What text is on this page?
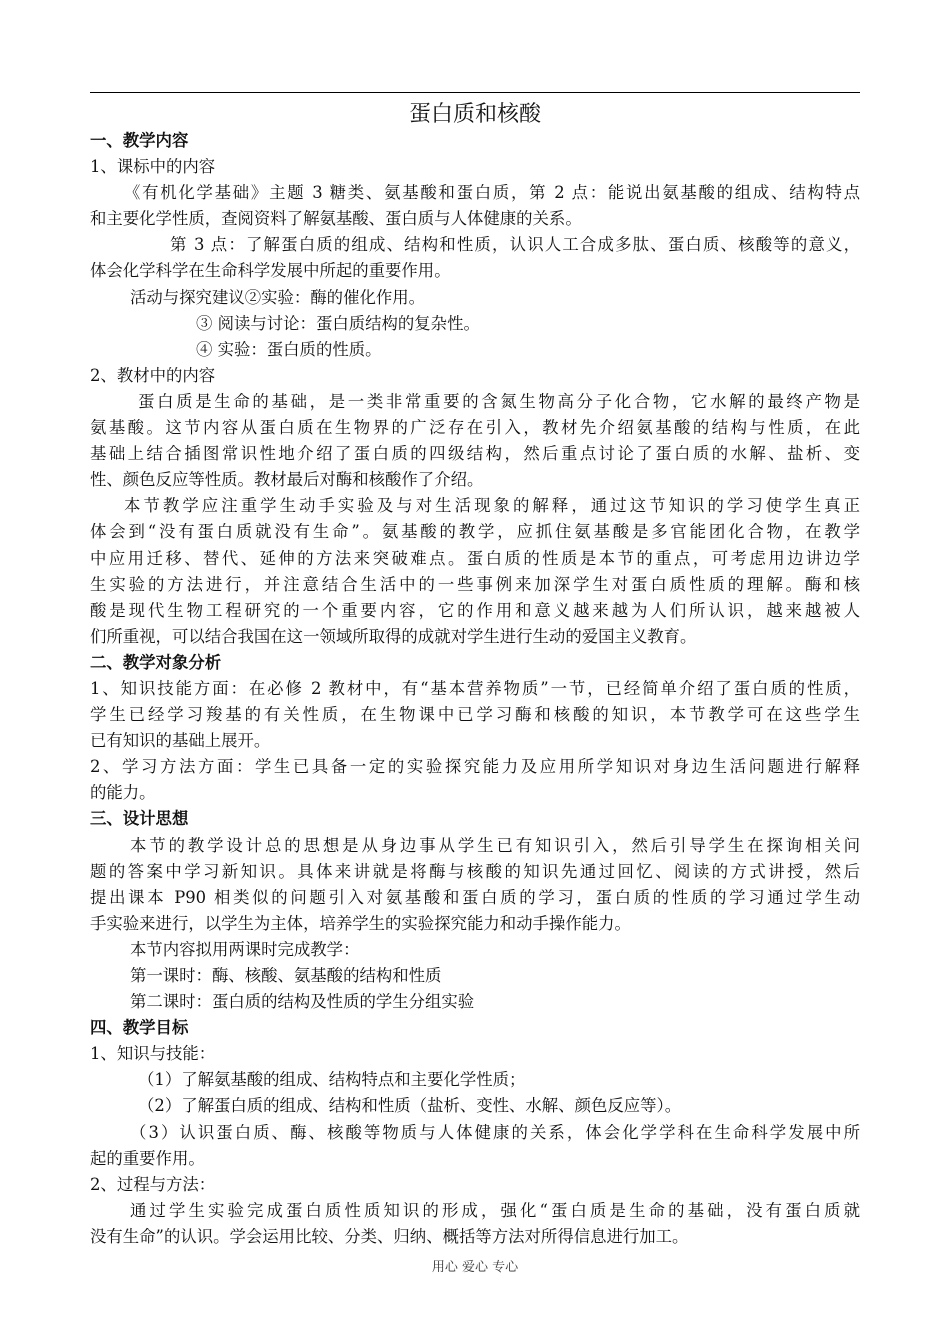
蛋白质和核酸
一、教学内容
1、课标中的内容
《有机化学基础》主题 3 糖类、氨基酸和蛋白质，第 2 点：能说出氨基酸的组成、结构特点
和主要化学性质，查阅资料了解氨基酸、蛋白质与人体健康的关系。
第 3 点：了解蛋白质的组成、结构和性质，认识人工合成多肽、蛋白质、核酸等的意义，
体会化学科学在生命科学发展中所起的重要作用。
活动与探究建议②实验：酶的催化作用。
③ 阅读与讨论：蛋白质结构的复杂性。
④ 实验：蛋白质的性质。
2、教材中的内容
蛋白质是生命的基础，是一类非常重要的含氮生物高分子化合物，它水解的最终产物是
氨基酸。这节内容从蛋白质在生物界的广泛存在引入，教材先介绍氨基酸的结构与性质，在此
基础上结合插图常识性地介绍了蛋白质的四级结构，然后重点讨论了蛋白质的水解、盐析、变
性、颜色反应等性质。教材最后对酶和核酸作了介绍。
本节教学应注重学生动手实验及与对生活现象的解释，通过这节知识的学习使学生真正
体会到“没有蛋白质就没有生命”。氨基酸的教学，应抓住氨基酸是多官能团化合物，在教学
中应用迁移、替代、延伸的方法来突破难点。蛋白质的性质是本节的重点，可考虑用边讲边学
生实验的方法进行，并注意结合生活中的一些事例来加深学生对蛋白质性质的理解。酶和核
酸是现代生物工程研究的一个重要内容，它的作用和意义越来越为人们所认识，越来越被人
们所重视，可以结合我国在这一领域所取得的成就对学生进行生动的爱国主义教育。
二、教学对象分析
1、知识技能方面：在必修 2 教材中，有“基本营养物质”一节，已经简单介绍了蛋白质的性质，
学生已经学习羧基的有关性质，在生物课中已学习酶和核酸的知识，本节教学可在这些学生
已有知识的基础上展开。
2、学习方法方面：学生已具备一定的实验探究能力及应用所学知识对身边生活问题进行解释
的能力。
三、设计思想
本节的教学设计总的思想是从身边事从学生已有知识引入，然后引导学生在探询相关问
题的答案中学习新知识。具体来讲就是将酶与核酸的知识先通过回忆、阅读的方式讲授，然后
提出课本 P90 相类似的问题引入对氨基酸和蛋白质的学习，蛋白质的性质的学习通过学生动
手实验来进行，以学生为主体，培养学生的实验探究能力和动手操作能力。
本节内容拟用两课时完成教学：
第一课时：酶、核酸、氨基酸的结构和性质
第二课时：蛋白质的结构及性质的学生分组实验
四、教学目标
1、知识与技能：
（1）了解氨基酸的组成、结构特点和主要化学性质；
（2）了解蛋白质的组成、结构和性质（盐析、变性、水解、颜色反应等）。
（3）认识蛋白质、酶、核酸等物质与人体健康的关系，体会化学学科在生命科学发展中所
起的重要作用。
2、过程与方法：
通过学生实验完成蛋白质性质知识的形成，强化“蛋白质是生命的基础，没有蛋白质就
没有生命”的认识。学会运用比较、分类、归纳、概括等方法对所得信息进行加工。
用心 爱心 专心
